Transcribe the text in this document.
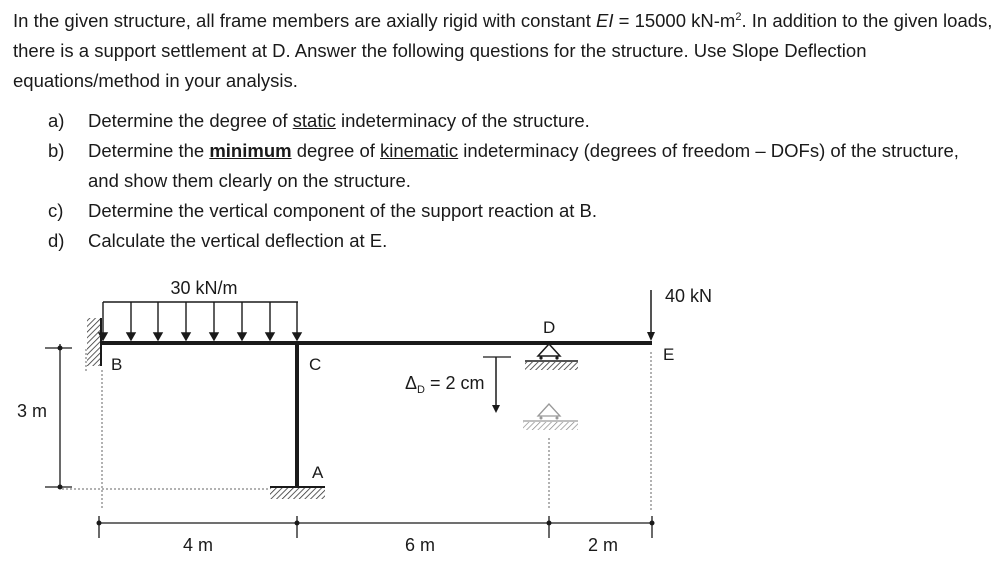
In the given structure, all frame members are axially rigid with constant EI = 15000 $kN-m^2$. In addition to the given loads, there is a support settlement at D. Answer the following questions for the structure. Use Slope Deflection equations/method in your analysis.

a) Determine the degree of static indeterminacy of the structure.
b) Determine the minimum degree of kinematic indeterminacy (degrees of freedom – DOFs) of the structure, and show them clearly on the structure.
c) Determine the vertical component of the support reaction at B.
d) Calculate the vertical deflection at E.
30 kN/m
$\Delta_D = 2$ cm
40 kN
B	C
A
D
E
3 m
4 m	6 m	2 m
